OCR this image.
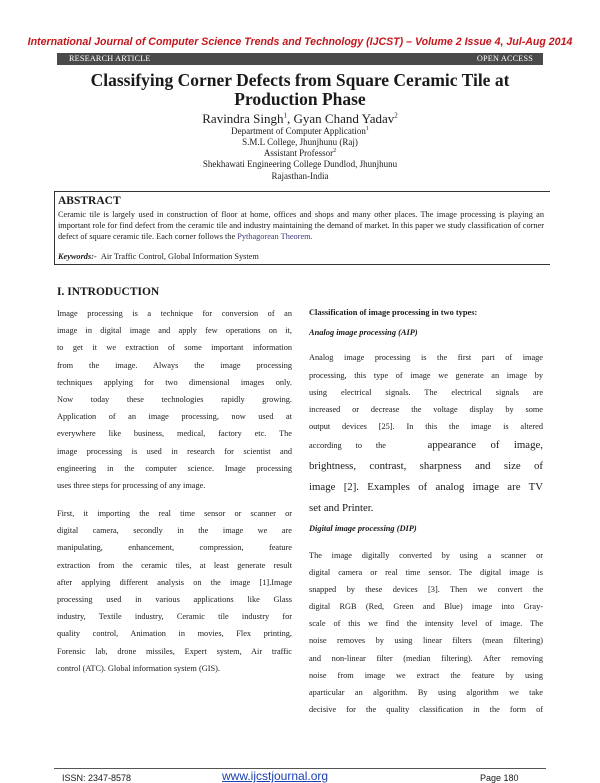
International Journal of Computer Science Trends and Technology (IJCST) – Volume 2 Issue 4, Jul-Aug 2014
RESEARCH ARTICLE	OPEN ACCESS
Classifying Corner Defects from Square Ceramic Tile at Production Phase
Ravindra Singh$^1$, Gyan Chand Yadav$^2$
Department of Computer Application$^1$
S.M.L College, Jhunjhunu (Raj)
Assistant Professor$^2$
Shekhawati Engineering College Dundlod, Jhunjhunu
Rajasthan-India
ABSTRACT
Ceramic tile is largely used in construction of floor at home, offices and shops and many other places. The image processing is playing an important role for find defect from the ceramic tile and industry maintaining the demand of market. In this paper we study classification of corner defect of square ceramic tile. Each corner follows the Pythagorean Theorem.
Keywords:- Air Traffic Control, Global Information System
I. INTRODUCTION
Image processing is a technique for conversion of an
image in digital image and apply few operations on it,
to get it we extraction of some important information
from the image. Always the image processing
techniques applying for two dimensional images only.
Now today these technologies rapidly growing.
Application of an image processing, now used at
everywhere like business, medical, factory etc. The
image processing is used in research for scientist and
engineering in the computer science. Image processing
uses three steps for processing of any image.
First, it importing the real time sensor or scanner or
digital camera, secondly in the image we are
manipulating, enhancement, compression, feature
extraction from the ceramic tiles, at least generate result
after applying different analysis on the image [1].Image
processing used in various applications like Glass
industry, Textile industry, Ceramic tile industry for
quality control, Animation in movies, Flex printing,
Forensic lab, drone missiles, Expert system, Air traffic
control (ATC). Global information system (GIS).
Classification of image processing in two types:
Analog image processing (AIP)
Analog image processing is the first part of image
processing, this type of image we generate an image by
using electrical signals. The electrical signals are
increased or decrease the voltage display by some
output devices [25]. In this the image is altered
according to the	appearance of image,
brightness, contrast, sharpness and size of
image [2]. Examples of analog image are TV
set and Printer.
Digital image processing (DIP)
The image digitally converted by using a scanner or
digital camera or real time sensor. The digital image is
snapped by these devices [3]. Then we convert the
digital RGB (Red, Green and Blue) image into Gray-
scale of this we find the intensity level of image. The
noise removes by using linear filters (mean filtering)
and non-linear filter (median filtering). After removing
noise from image we extract the feature by using
aparticular an algorithm. By using algorithm we take
decisive for the quality classification in the form of
ISSN: 2347-8578	www.ijcstjournal.org	Page 180
